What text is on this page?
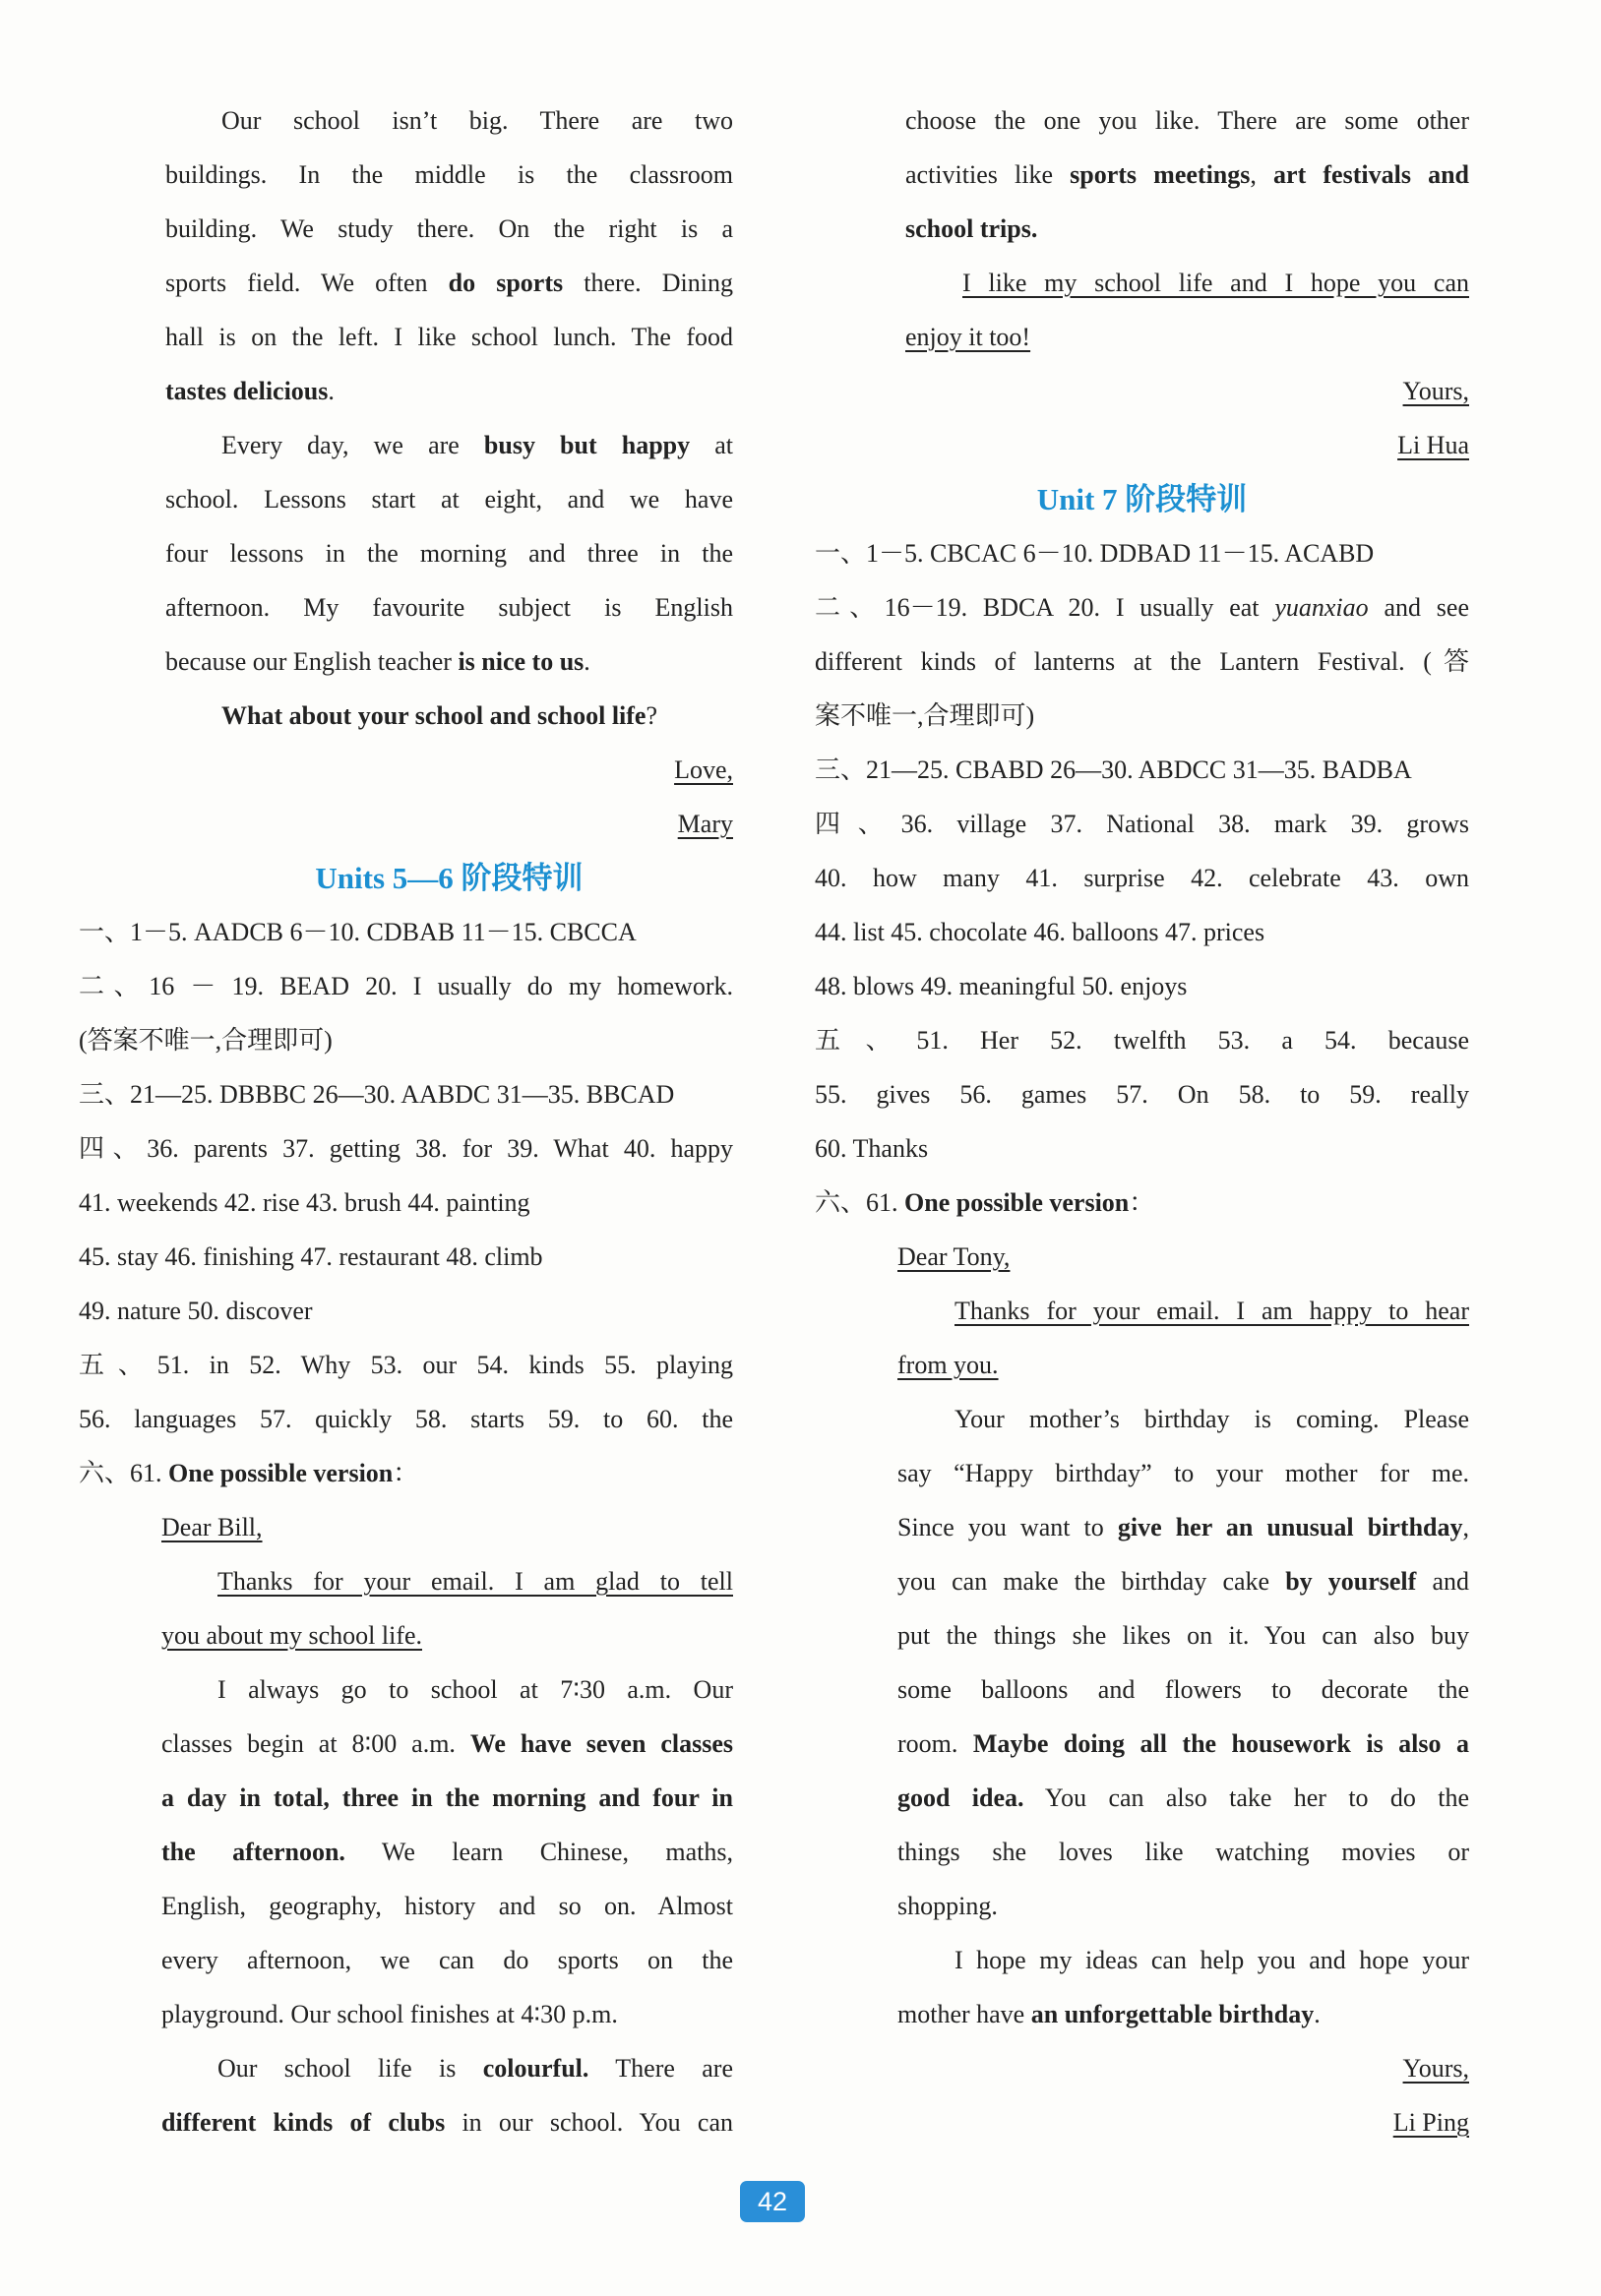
Our school isn’t big. There are two
buildings. In the middle is the classroom
building. We study there. On the right is a
sports field. We often do sports there. Dining
hall is on the left. I like school lunch. The food
tastes delicious.
Every day, we are busy but happy at
school. Lessons start at eight, and we have
four lessons in the morning and three in the
afternoon. My favourite subject is English
because our English teacher is nice to us.
What about your school and school life?
Love,
Mary
Units 5—6 阶段特训
一、1－5. AADCB 6－10. CDBAB 11－15. CBCCA
二、16 － 19. BEAD 20. I usually do my homework.
(答案不唯一,合理即可)
三、21—25. DBBBC 26—30. AABDC 31—35. BBCAD
四、36. parents 37. getting 38. for 39. What 40. happy
41. weekends 42. rise 43. brush 44. painting
45. stay 46. finishing 47. restaurant 48. climb
49. nature 50. discover
五、51. in 52. Why 53. our 54. kinds 55. playing
56. languages 57. quickly 58. starts 59. to 60. the
六、61. One possible version：
Dear Bill,
Thanks for your email. I am glad to tell
you about my school life.
I always go to school at 7∶30 a.m. Our
classes begin at 8∶00 a.m. We have seven classes
a day in total, three in the morning and four in
the afternoon. We learn Chinese, maths,
English, geography, history and so on. Almost
every afternoon, we can do sports on the
playground. Our school finishes at 4∶30 p.m.
Our school life is colourful. There are
different kinds of clubs in our school. You can
choose the one you like. There are some other
activities like sports meetings, art festivals and
school trips.
I like my school life and I hope you can
enjoy it too!
Yours,
Li Hua
Unit 7 阶段特训
一、1－5. CBCAC 6－10. DDBAD 11－15. ACABD
二、16－19. BDCA 20. I usually eat yuanxiao and see
different kinds of lanterns at the Lantern Festival. (答
案不唯一,合理即可)
三、21—25. CBABD 26—30. ABDCC 31—35. BADBA
四、36. village 37. National 38. mark 39. grows
40. how many 41. surprise 42. celebrate 43. own
44. list 45. chocolate 46. balloons 47. prices
48. blows 49. meaningful 50. enjoys
五、51. Her 52. twelfth 53. a 54. because
55. gives 56. games 57. On 58. to 59. really
60. Thanks
六、61. One possible version：
Dear Tony,
Thanks for your email. I am happy to hear
from you.
Your mother’s birthday is coming. Please
say “Happy birthday” to your mother for me.
Since you want to give her an unusual birthday,
you can make the birthday cake by yourself and
put the things she likes on it. You can also buy
some balloons and flowers to decorate the
room. Maybe doing all the housework is also a
good idea. You can also take her to do the
things she loves like watching movies or
shopping.
I hope my ideas can help you and hope your
mother have an unforgettable birthday.
Yours,
Li Ping
42
